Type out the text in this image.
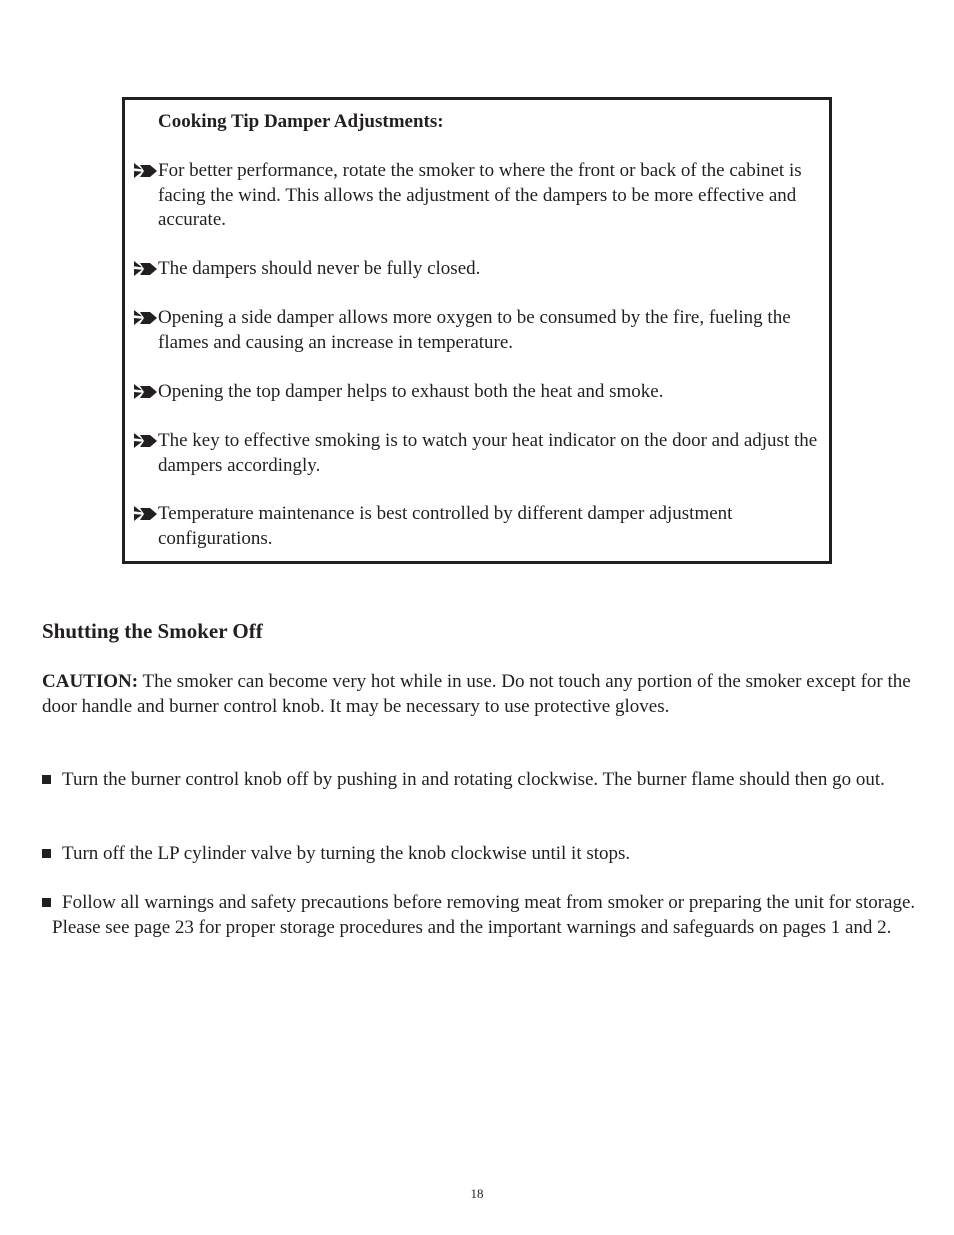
Cooking Tip Damper Adjustments:
For better performance, rotate the smoker to where the front or back of the cabinet is facing the wind. This allows the adjustment of the dampers to be more effective and accurate.
The dampers should never be fully closed.
Opening a side damper allows more oxygen to be consumed by the fire, fueling the flames and causing an increase in temperature.
Opening the top damper helps to exhaust both the heat and smoke.
The key to effective smoking is to watch your heat indicator on the door and adjust the dampers accordingly.
Temperature maintenance is best controlled by different damper adjustment configurations.
Shutting the Smoker Off
CAUTION: The smoker can become very hot while in use. Do not touch any portion of the smoker except for the door handle and burner control knob. It may be necessary to use protective gloves.
Turn the burner control knob off by pushing in and rotating clockwise. The burner flame should then go out.
Turn off the LP cylinder valve by turning the knob clockwise until it stops.
Follow all warnings and safety precautions before removing meat from smoker or preparing the unit for storage. Please see page 23 for proper storage procedures and the important warnings and safeguards on pages 1 and 2.
18
